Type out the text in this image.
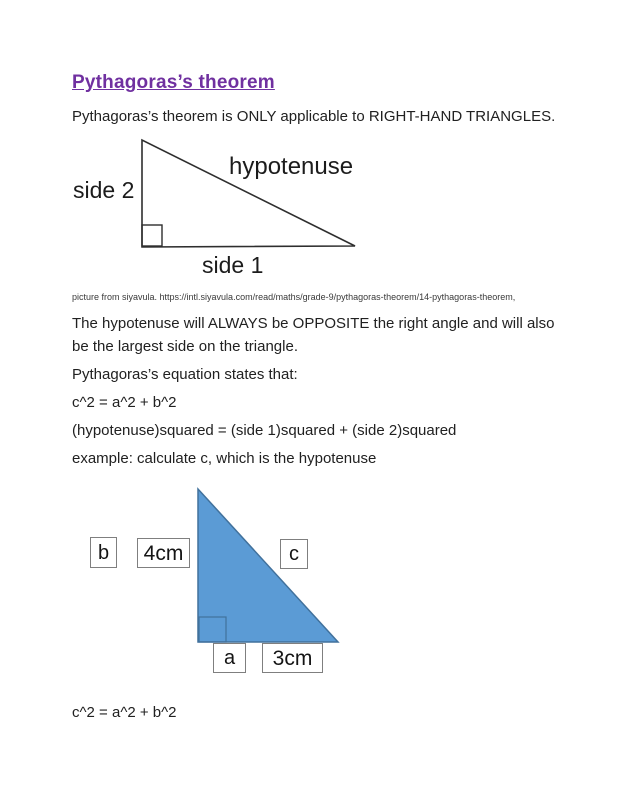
Pythagoras’s theorem

Pythagoras’s theorem is ONLY applicable to RIGHT-HAND TRIANGLES.

side 2
hypotenuse
side 1

picture from siyavula. https://intl.siyavula.com/read/maths/grade-9/pythagoras-theorem/14-pythagoras-theorem,

The hypotenuse will ALWAYS be OPPOSITE the right angle and will also be the largest side on the triangle.

Pythagoras’s equation states that:

c^2 = a^2 + b^2

(hypotenuse)squared = (side 1)squared + (side 2)squared

example: calculate c, which is the hypotenuse

b 4cm	c
a 3cm

c^2 = a^2 + b^2
